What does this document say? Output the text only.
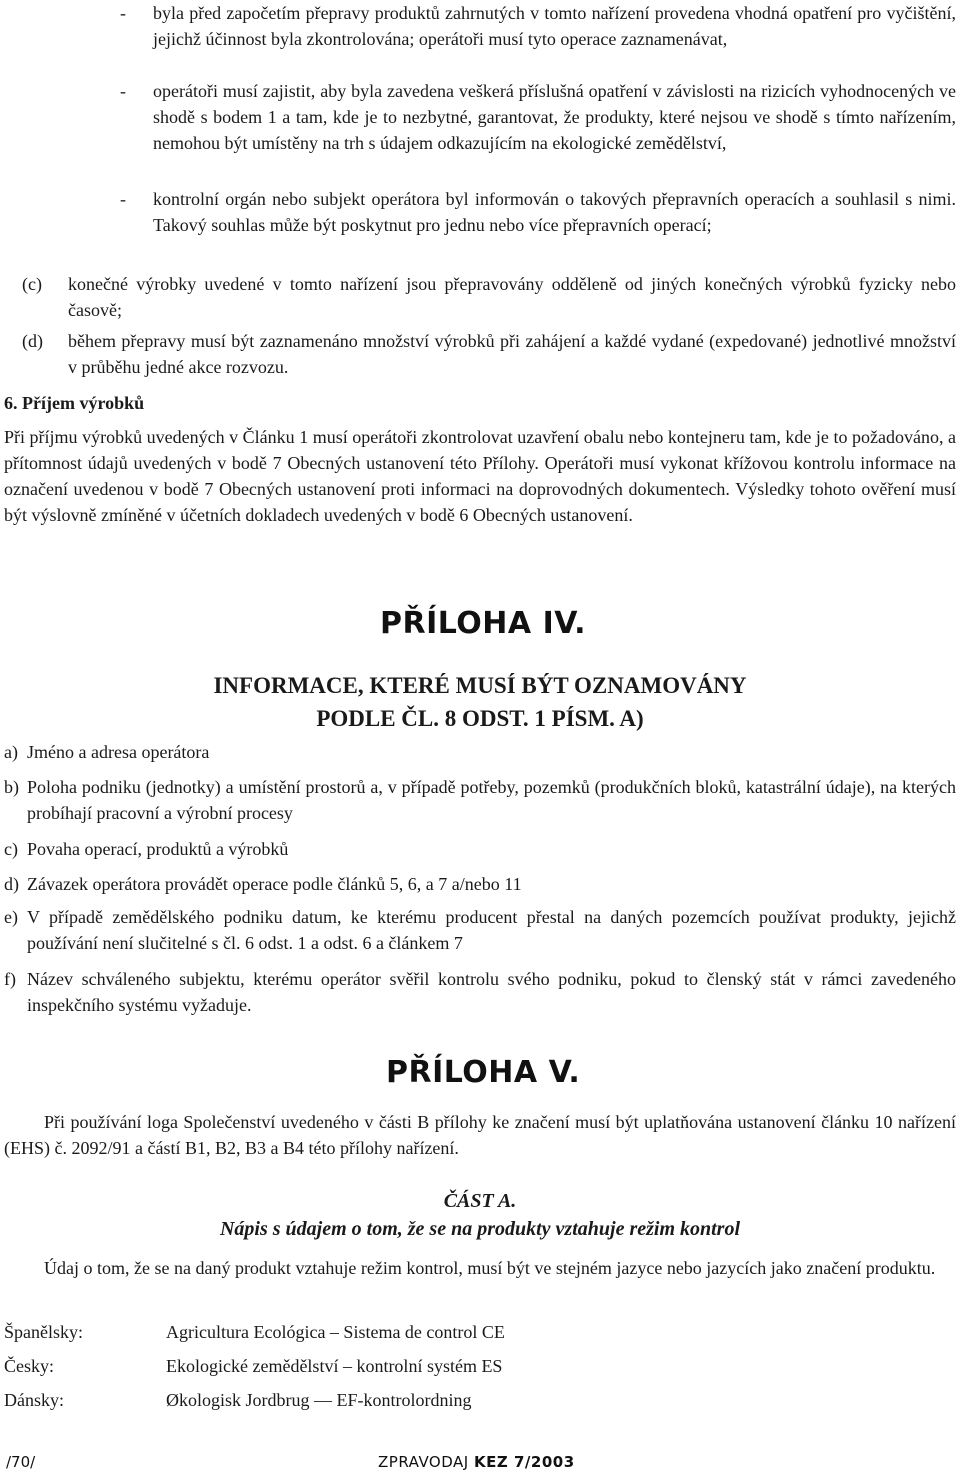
- byla před započetím přepravy produktů zahrnutých v tomto nařízení provedena vhodná opatření pro vyčištění, jejichž účinnost byla zkontrolována; operátoři musí tyto operace zaznamenávat,
- operátoři musí zajistit, aby byla zavedena veškerá příslušná opatření v závislosti na rizicích vyhodnocených ve shodě s bodem 1 a tam, kde je to nezbytné, garantovat, že produkty, které nejsou ve shodě s tímto nařízením, nemohou být umístěny na trh s údajem odkazujícím na ekologické zemědělství,
- kontrolní orgán nebo subjekt operátora byl informován o takových přepravních operacích a souhlasil s nimi. Takový souhlas může být poskytnut pro jednu nebo více přepravních operací;
(c) konečné výrobky uvedené v tomto nařízení jsou přepravovány odděleně od jiných konečných výrobků fyzicky nebo časově;
(d) během přepravy musí být zaznamenáno množství výrobků při zahájení a každé vydané (expedované) jednotlivé množství v průběhu jedné akce rozvozu.
6. Příjem výrobků
Při příjmu výrobků uvedených v Článku 1 musí operátoři zkontrolovat uzavření obalu nebo kontejneru tam, kde je to požadováno, a přítomnost údajů uvedených v bodě 7 Obecných ustanovení této Přílohy. Operátoři musí vykonat křížovou kontrolu informace na označení uvedenou v bodě 7 Obecných ustanovení proti informaci na doprovodných dokumentech. Výsledky tohoto ověření musí být výslovně zmíněné v účetních dokladech uvedených v bodě 6 Obecných ustanovení.
PŘÍLOHA IV.
INFORMACE, KTERÉ MUSÍ BÝT OZNAMOVÁNY
PODLE ČL. 8 ODST. 1 PÍSM. A)
a) Jméno a adresa operátora
b) Poloha podniku (jednotky) a umístění prostorů a, v případě potřeby, pozemků (produkčních bloků, katastrální údaje), na kterých probíhají pracovní a výrobní procesy
c) Povaha operací, produktů a výrobků
d) Závazek operátora provádět operace podle článků 5, 6, a 7 a/nebo 11
e) V případě zemědělského podniku datum, ke kterému producent přestal na daných pozemcích používat produkty, jejichž používání není slučitelné s čl. 6 odst. 1 a odst. 6 a článkem 7
f) Název schváleného subjektu, kterému operátor svěřil kontrolu svého podniku, pokud to členský stát v rámci zavedeného inspekčního systému vyžaduje.
PŘÍLOHA V.
Při používání loga Společenství uvedeného v části B přílohy ke značení musí být uplatňována ustanovení článku 10 nařízení (EHS) č. 2092/91 a částí B1, B2, B3 a B4 této přílohy nařízení.
ČÁST A.
Nápis s údajem o tom, že se na produkty vztahuje režim kontrol
Údaj o tom, že se na daný produkt vztahuje režim kontrol, musí být ve stejném jazyce nebo jazycích jako značení produktu.
Španělsky:	Agricultura Ecológica – Sistema de control CE
Česky:	Ekologické zemědělství – kontrolní systém ES
Dánsky:	Økologisk Jordbrug — EF-kontrolordning
/70/	ZPRAVODAJ KEZ 7/2003
